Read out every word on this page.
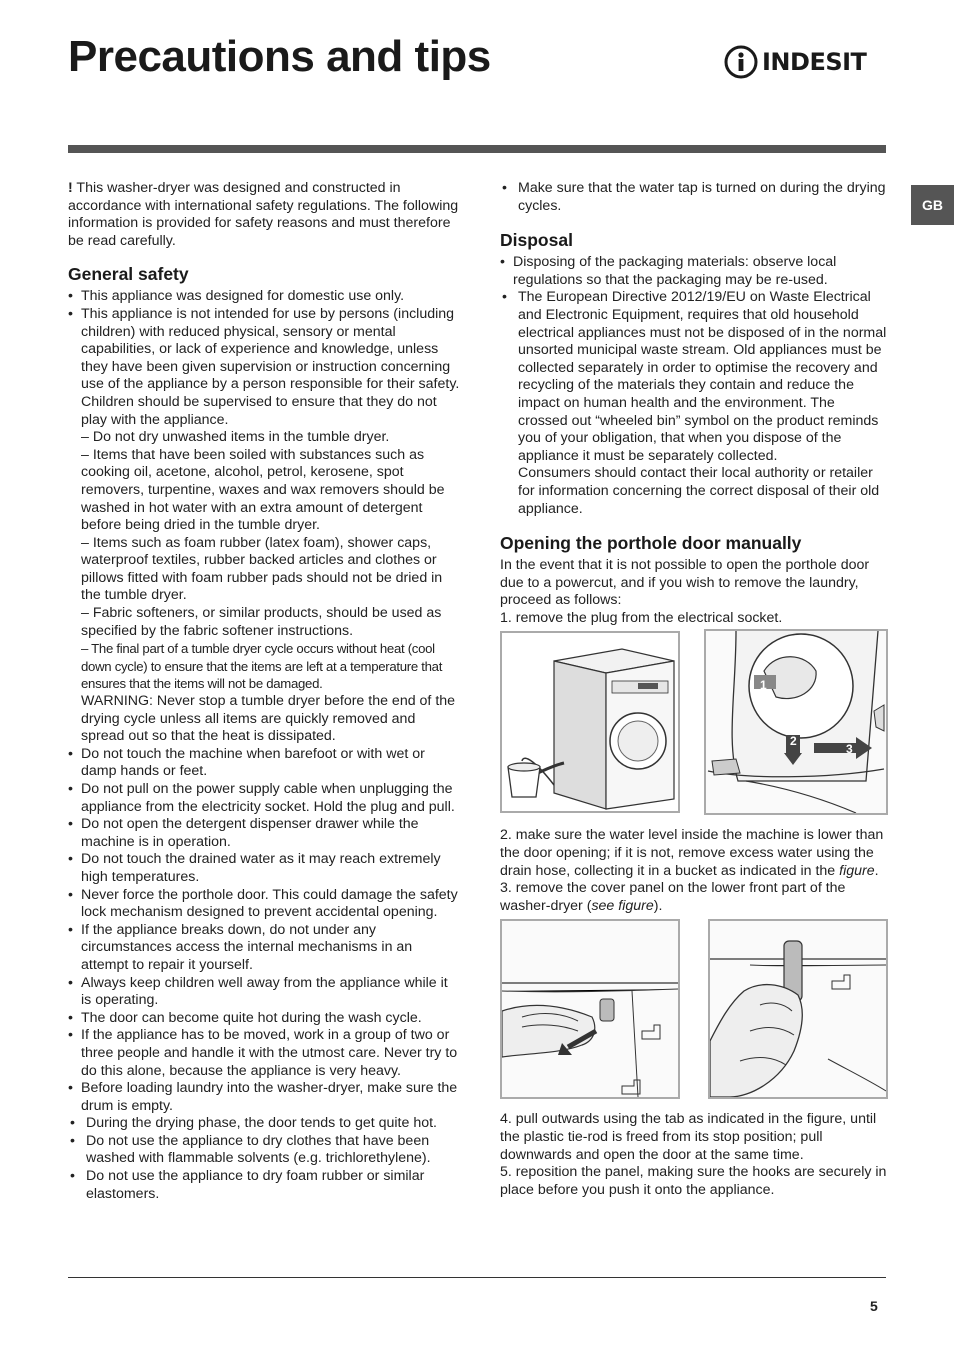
Precautions and tips	INDESIT
GB

! This washer-dryer was designed and constructed in accordance with international safety regulations. The following information is provided for safety reasons and must therefore be read carefully.

General safety
• This appliance was designed for domestic use only.
• This appliance is not intended for use by persons (including children) with reduced physical, sensory or mental capabilities, or lack of experience and knowledge, unless they have been given supervision or instruction concerning use of the appliance by a person responsible for their safety. Children should be supervised to ensure that they do not play with the appliance.
– Do not dry unwashed items in the tumble dryer.
– Items that have been soiled with substances such as cooking oil, acetone, alcohol, petrol, kerosene, spot removers, turpentine, waxes and wax removers should be washed in hot water with an extra amount of detergent before being dried in the tumble dryer.
– Items such as foam rubber (latex foam), shower caps, waterproof textiles, rubber backed articles and clothes or pillows fitted with foam rubber pads should not be dried in the tumble dryer.
– Fabric softeners, or similar products, should be used as specified by the fabric softener instructions.
– The final part of a tumble dryer cycle occurs without heat (cool down cycle) to ensure that the items are left at a temperature that ensures that the items will not be damaged.
WARNING: Never stop a tumble dryer before the end of the drying cycle unless all items are quickly removed and spread out so that the heat is dissipated.
• Do not touch the machine when barefoot or with wet or damp hands or feet.
• Do not pull on the power supply cable when unplugging the appliance from the electricity socket. Hold the plug and pull.
• Do not open the detergent dispenser drawer while the machine is in operation.
• Do not touch the drained water as it may reach extremely high temperatures.
• Never force the porthole door. This could damage the safety lock mechanism designed to prevent accidental opening.
• If the appliance breaks down, do not under any circumstances access the internal mechanisms in an attempt to repair it yourself.
• Always keep children well away from the appliance while it is operating.
• The door can become quite hot during the wash cycle.
• If the appliance has to be moved, work in a group of two or three people and handle it with the utmost care. Never try to do this alone, because the appliance is very heavy.
• Before loading laundry into the washer-dryer, make sure the drum is empty.
• During the drying phase, the door tends to get quite hot.
• Do not use the appliance to dry clothes that have been washed with flammable solvents (e.g. trichlorethylene).
• Do not use the appliance to dry foam rubber or similar elastomers.
• Make sure that the water tap is turned on during the drying cycles.
Disposal
• Disposing of the packaging materials: observe local regulations so that the packaging may be re-used.
• The European Directive 2012/19/EU on Waste Electrical and Electronic Equipment, requires that old household electrical appliances must not be disposed of in the normal unsorted municipal waste stream. Old appliances must be collected separately in order to optimise the recovery and recycling of the materials they contain and reduce the impact on human health and the environment. The crossed out “wheeled bin” symbol on the product reminds you of your obligation, that when you dispose of the appliance it must be separately collected.
Consumers should contact their local authority or retailer for information concerning the correct disposal of their old appliance.
Opening the porthole door manually

In the event that it is not possible to open the porthole door due to a powercut, and if you wish to remove the laundry, proceed as follows:

1. remove the plug from the electrical socket.

1
2
3

2. make sure the water level inside the machine is lower than the door opening; if it is not, remove excess water using the drain hose, collecting it in a bucket as indicated in the figure.

3. remove the cover panel on the lower front part of the washer-dryer (see figure).

4. pull outwards using the tab as indicated in the figure, until the plastic tie-rod is freed from its stop position; pull downwards and open the door at the same time.

5. reposition the panel, making sure the hooks are securely in place before you push it onto the appliance.

5
